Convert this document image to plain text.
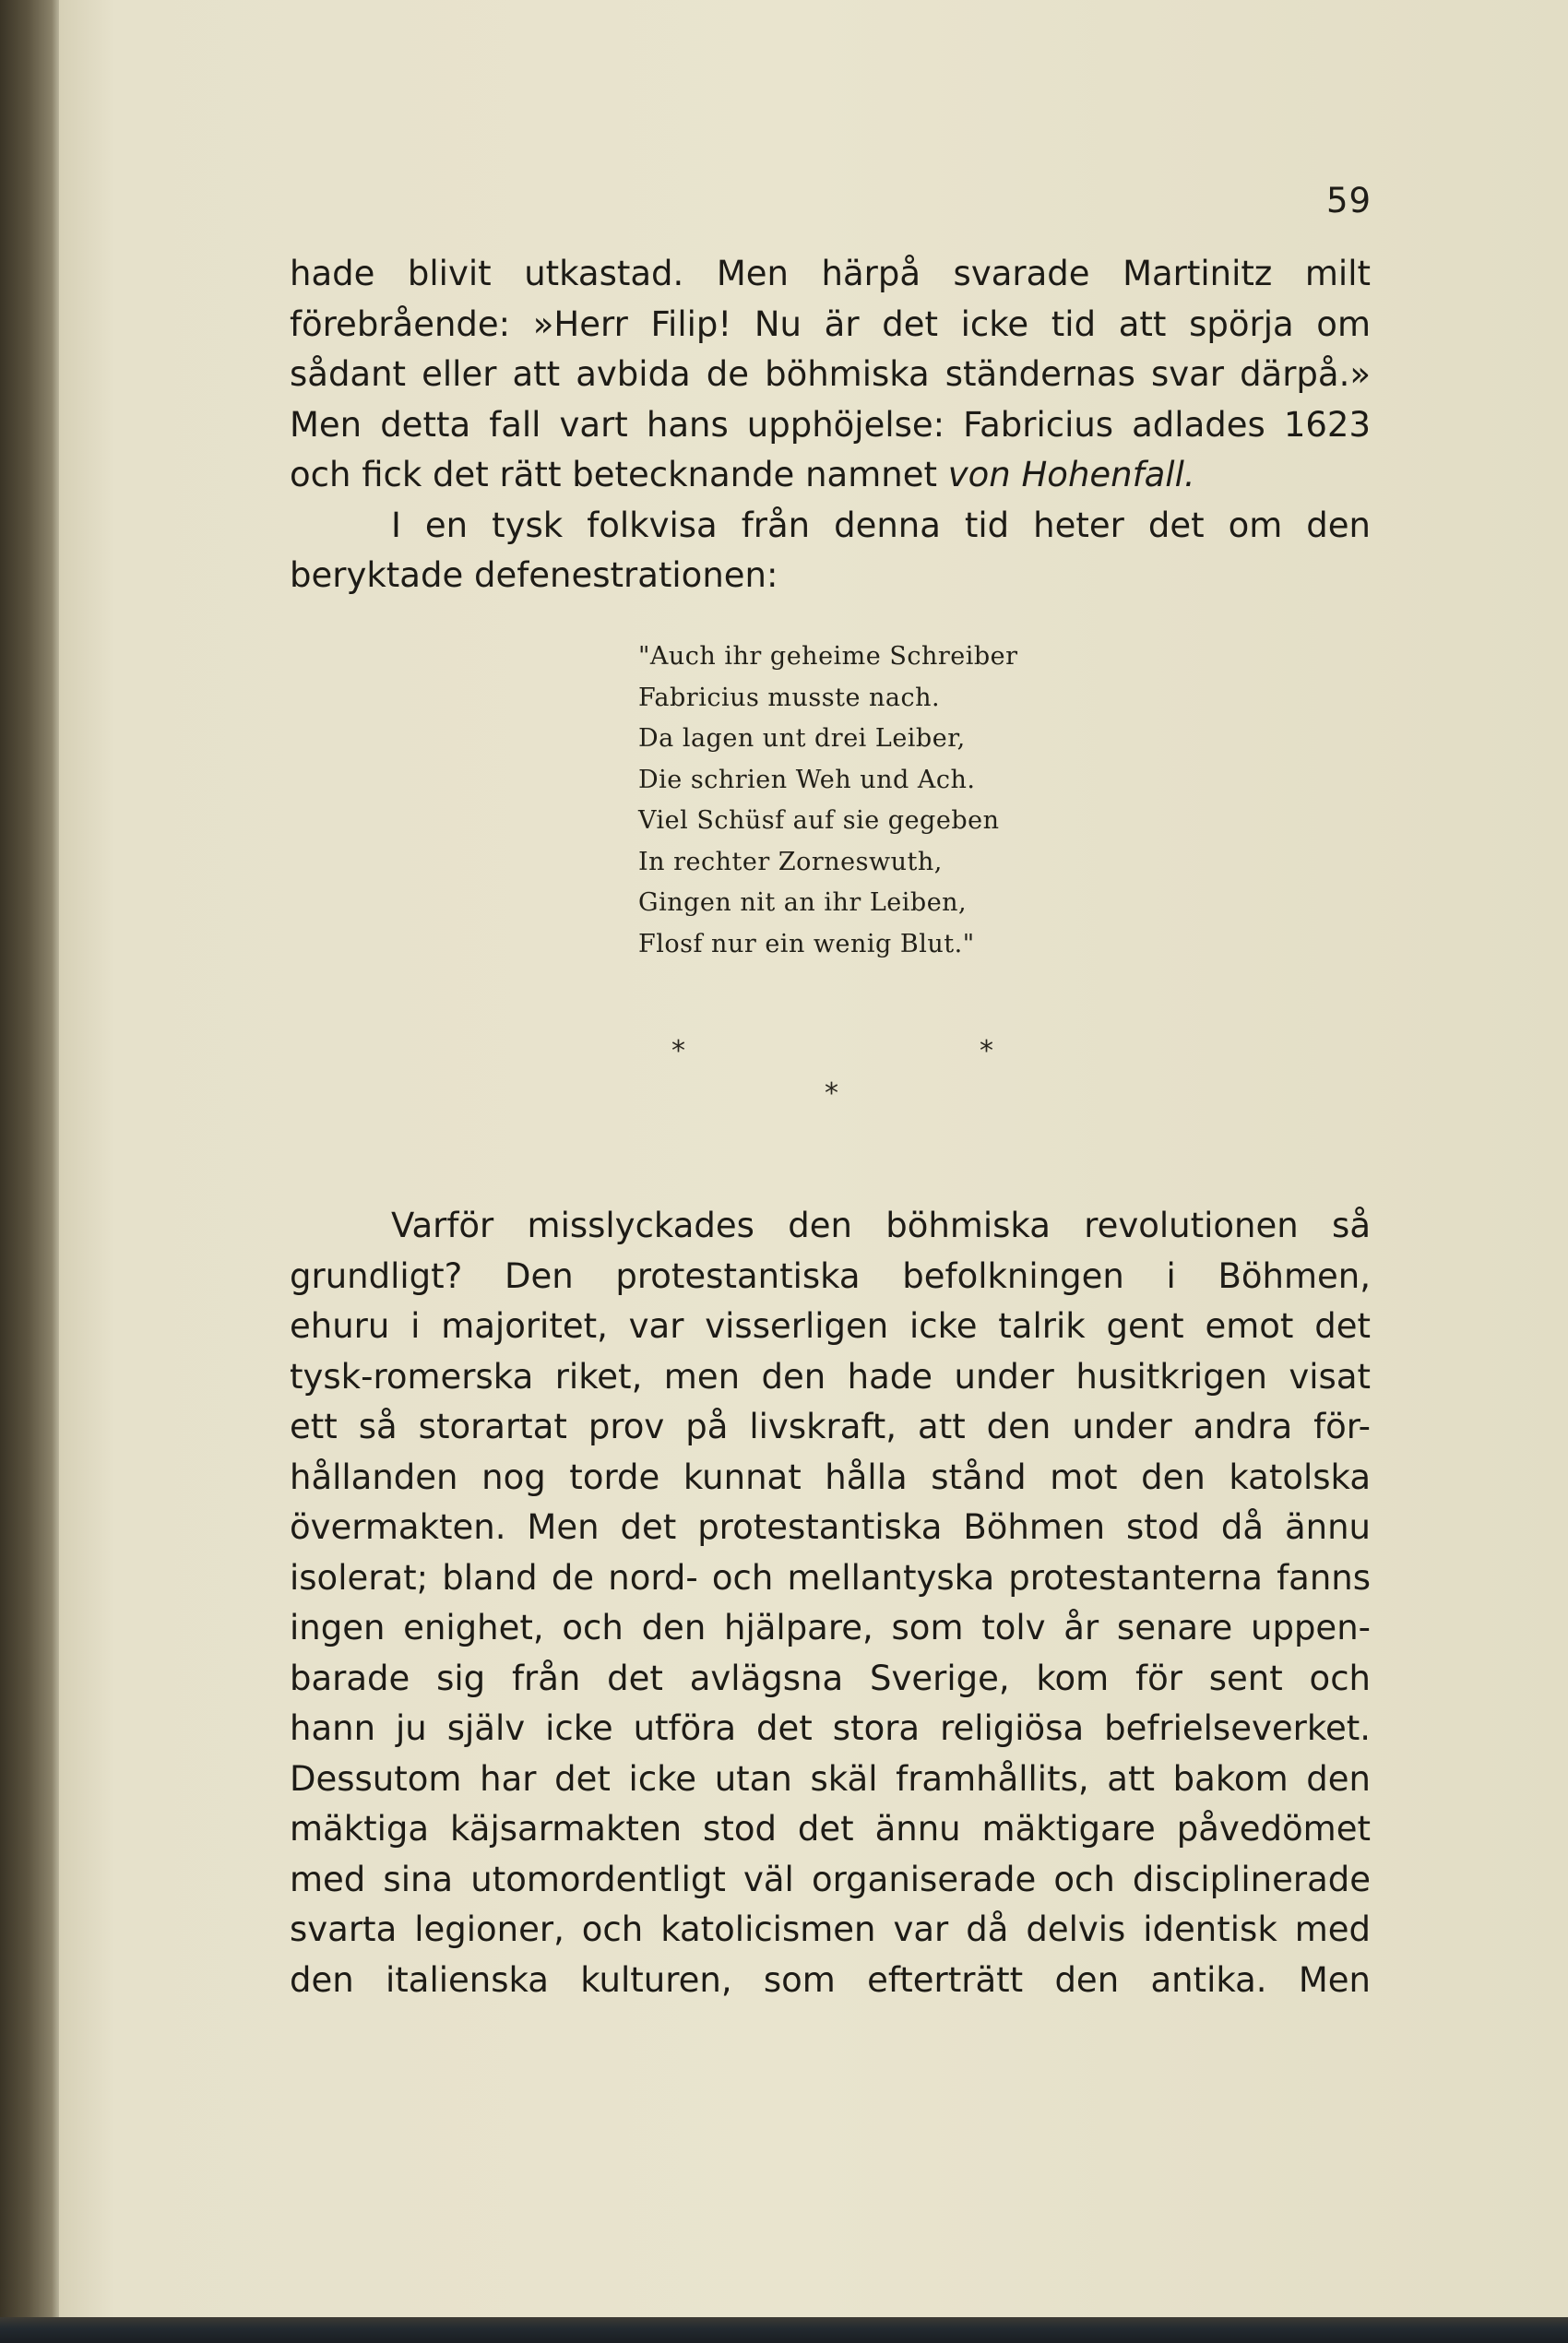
59
hade blivit utkastad. Men härpå svarade Martinitz milt
förebrående: »Herr Filip! Nu är det icke tid att spörja om
sådant eller att avbida de böhmiska ständernas svar därpå.»
Men detta fall vart hans upphöjelse: Fabricius adlades 1623
och fick det rätt betecknande namnet von Hohenfall.
I en tysk folkvisa från denna tid heter det om den
beryktade defenestrationen:
"Auch ihr geheime Schreiber
Fabricius musste nach.
Da lagen unt drei Leiber,
Die schrien Weh und Ach.
Viel Schüsf auf sie gegeben
In rechter Zorneswuth,
Gingen nit an ihr Leiben,
Flosf nur ein wenig Blut."
*	*
*
Varför misslyckades den böhmiska revolutionen så
grundligt? Den protestantiska befolkningen i Böhmen,
ehuru i majoritet, var visserligen icke talrik gent emot det
tysk-romerska riket, men den hade under husitkrigen visat
ett så storartat prov på livskraft, att den under andra för-
hållanden nog torde kunnat hålla stånd mot den katolska
övermakten. Men det protestantiska Böhmen stod då ännu
isolerat; bland de nord- och mellantyska protestanterna fanns
ingen enighet, och den hjälpare, som tolv år senare uppen-
barade sig från det avlägsna Sverige, kom för sent och
hann ju själv icke utföra det stora religiösa befrielseverket.
Dessutom har det icke utan skäl framhållits, att bakom den
mäktiga käjsarmakten stod det ännu mäktigare påvedömet
med sina utomordentligt väl organiserade och disciplinerade
svarta legioner, och katolicismen var då delvis identisk med
den italienska kulturen, som efterträtt den antika. Men
